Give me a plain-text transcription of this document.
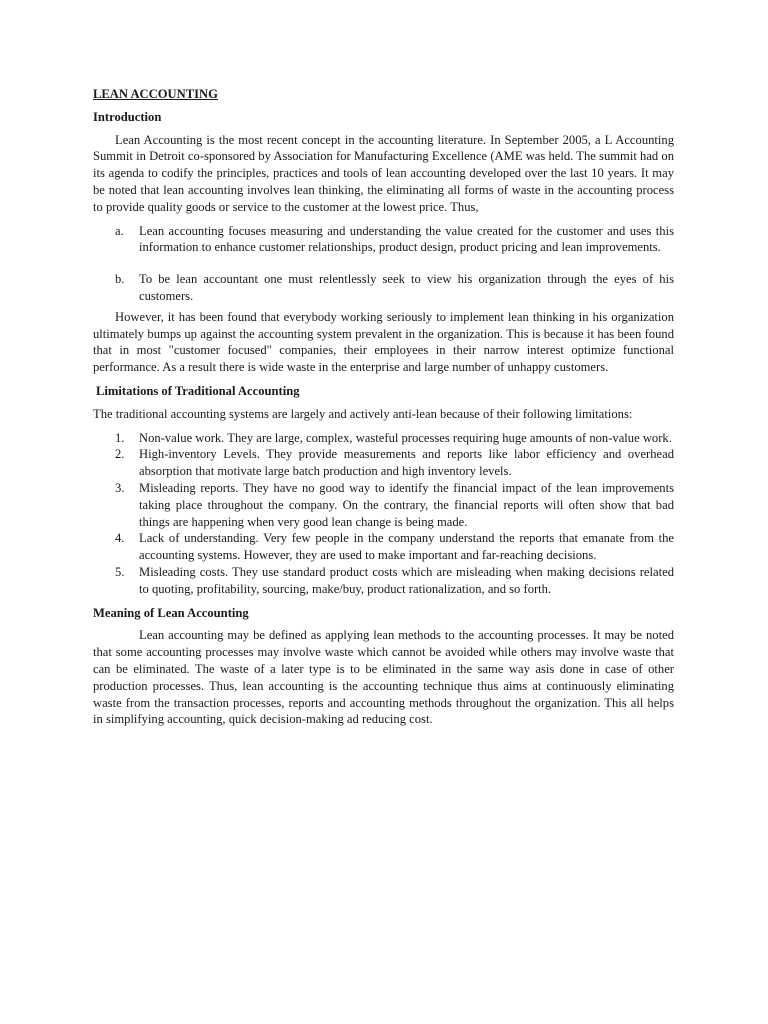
LEAN ACCOUNTING
Introduction

Lean Accounting is the most recent concept in the accounting literature. In September 2005, a L Accounting Summit in Detroit co-sponsored by Association for Manufacturing Excellence (AME was held. The summit had on its agenda to codify the principles, practices and tools of lean accounting developed over the last 10 years. It may be noted that lean accounting involves lean thinking, the eliminating all forms of waste in the accounting process to provide quality goods or service to the customer at the lowest price. Thus,

a. Lean accounting focuses measuring and understanding the value created for the customer and uses this information to enhance customer relationships, product design, product pricing and lean improvements.
b. To be lean accountant one must relentlessly seek to view his organization through the eyes of his customers.

However, it has been found that everybody working seriously to implement lean thinking in his organization ultimately bumps up against the accounting system prevalent in the organization. This is because it has been found that in most "customer focused" companies, their employees in their narrow interest optimize functional performance. As a result there is wide waste in the enterprise and large number of unhappy customers.

Limitations of Traditional Accounting

The traditional accounting systems are largely and actively anti-lean because of their following limitations:

1. Non-value work. They are large, complex, wasteful processes requiring huge amounts of non-value work.
2. High-inventory Levels. They provide measurements and reports like labor efficiency and overhead absorption that motivate large batch production and high inventory levels.
3. Misleading reports. They have no good way to identify the financial impact of the lean improvements taking place throughout the company. On the contrary, the financial reports will often show that bad things are happening when very good lean change is being made.
4. Lack of understanding. Very few people in the company understand the reports that emanate from the accounting systems. However, they are used to make important and far-reaching decisions.
5. Misleading costs. They use standard product costs which are misleading when making decisions related to quoting, profitability, sourcing, make/buy, product rationalization, and so forth.
Meaning of Lean Accounting

Lean accounting may be defined as applying lean methods to the accounting processes. It may be noted that some accounting processes may involve waste which cannot be avoided while others may involve waste that can be eliminated. The waste of a later type is to be eliminated in the same way asis done in case of other production processes. Thus, lean accounting is the accounting technique thus aims at continuously eliminating waste from the transaction processes, reports and accounting methods throughout the organization. This all helps in simplifying accounting, quick decision-making ad reducing cost.
